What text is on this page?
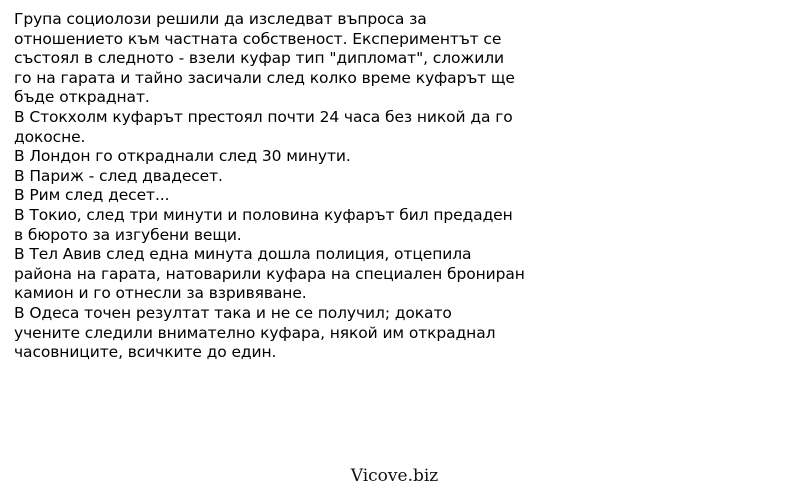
Група социолози решили да изследват въпроса за
отношението към частната собственост. Експериментът се
състоял в следното - взели куфар тип "дипломат", сложили
го на гарата и тайно засичали след колко време куфарът ще
бъде откраднат.
В Стокхолм куфарът престоял почти 24 часа без никой да го
докосне.
В Лондон го откраднали след 30 минути.
В Париж - след двадесет.
В Рим след десет...
В Токио, след три минути и половина куфарът бил предаден
в бюрото за изгубени вещи.
В Тел Авив след една минута дошла полиция, отцепила
района на гарата, натоварили куфара на специален брониран
камион и го отнесли за взривяване.
В Одеса точен резултат така и не се получил; докато
учените следили внимателно куфара, някой им откраднал
часовниците, всичките до един.
Vicove.biz
